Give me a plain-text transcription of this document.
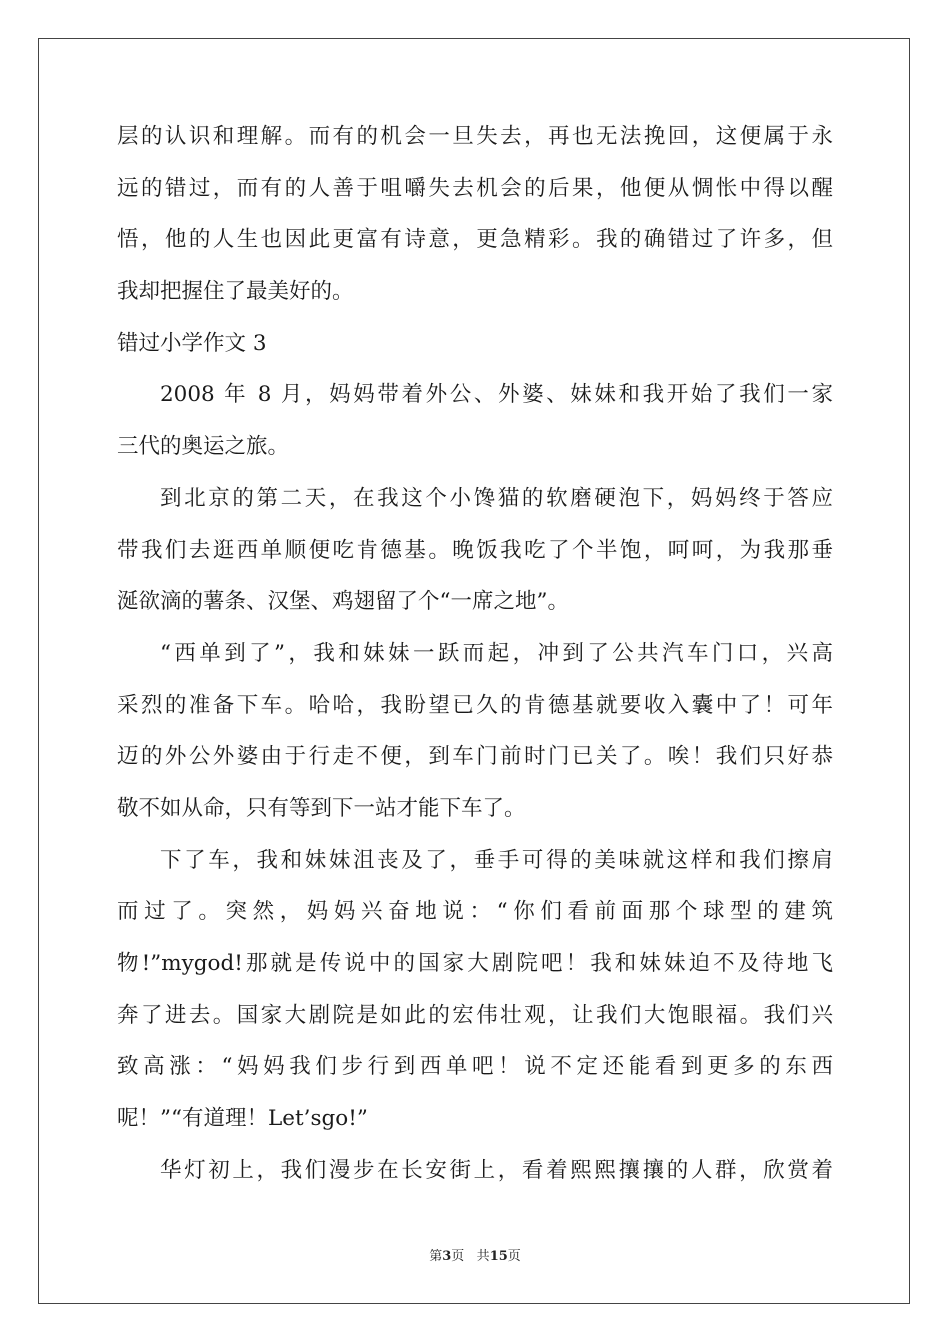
层的认识和理解。而有的机会一旦失去，再也无法挽回，这便属于永
远的错过，而有的人善于咀嚼失去机会的后果，他便从惆怅中得以醒
悟，他的人生也因此更富有诗意，更急精彩。我的确错过了许多，但
我却把握住了最美好的。
错过小学作文 3
2008 年 8 月，妈妈带着外公、外婆、妹妹和我开始了我们一家
三代的奥运之旅。
到北京的第二天，在我这个小馋猫的软磨硬泡下，妈妈终于答应
带我们去逛西单顺便吃肯德基。晚饭我吃了个半饱，呵呵，为我那垂
涎欲滴的薯条、汉堡、鸡翅留了个“一席之地”。
“西单到了”，我和妹妹一跃而起，冲到了公共汽车门口，兴高
采烈的准备下车。哈哈，我盼望已久的肯德基就要收入囊中了！可年
迈的外公外婆由于行走不便，到车门前时门已关了。唉！我们只好恭
敬不如从命，只有等到下一站才能下车了。
下了车，我和妹妹沮丧及了，垂手可得的美味就这样和我们擦肩
而过了。突然，妈妈兴奋地说：“你们看前面那个球型的建筑
物!”mygod!那就是传说中的国家大剧院吧！我和妹妹迫不及待地飞
奔了进去。国家大剧院是如此的宏伟壮观，让我们大饱眼福。我们兴
致高涨：“妈妈我们步行到西单吧！说不定还能看到更多的东西
呢！”“有道理！Let’sgo!”
华灯初上，我们漫步在长安街上，看着熙熙攘攘的人群，欣赏着
第3页 共15页
